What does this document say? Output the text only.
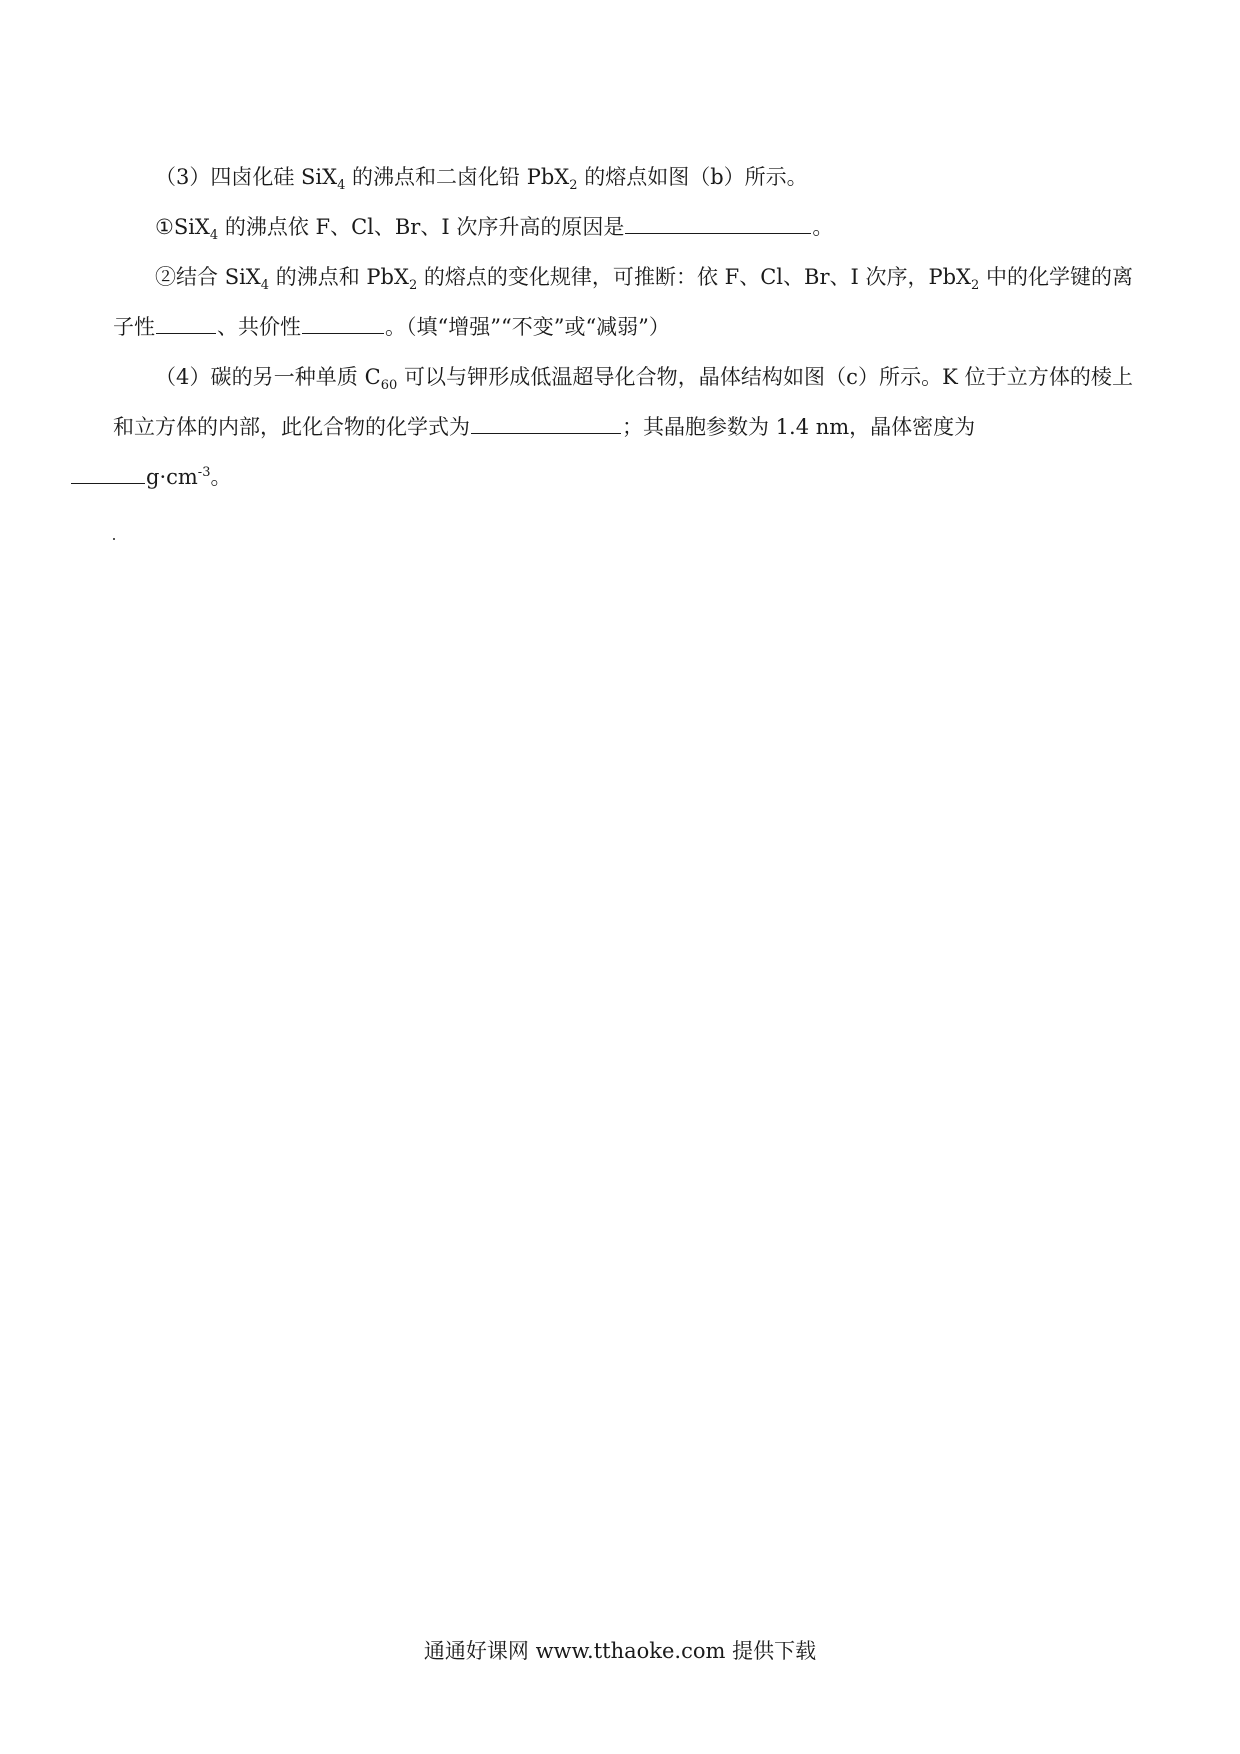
（3）四卤化硅 SiX$_4$ 的沸点和二卤化铅 PbX$_2$ 的熔点如图（b）所示。

①SiX$_4$ 的沸点依 F、Cl、Br、I 次序升高的原因是	。

②结合 SiX$_4$ 的沸点和 PbX$_2$ 的熔点的变化规律，可推断：依 F、Cl、Br、I 次序，PbX$_2$ 中的化学键的离子性	、共价性	。（填“增强”“不变”或“减弱”）

（4）碳的另一种单质 $C_{60}$ 可以与钾形成低温超导化合物，晶体结构如图（c）所示。K 位于立方体的棱上和立方体的内部，此化合物的化学式为	；其晶胞参数为 1.4 nm，晶体密度为
$g\cdot cm^{-3}$。

通通好课网 www.tthaoke.com 提供下载
